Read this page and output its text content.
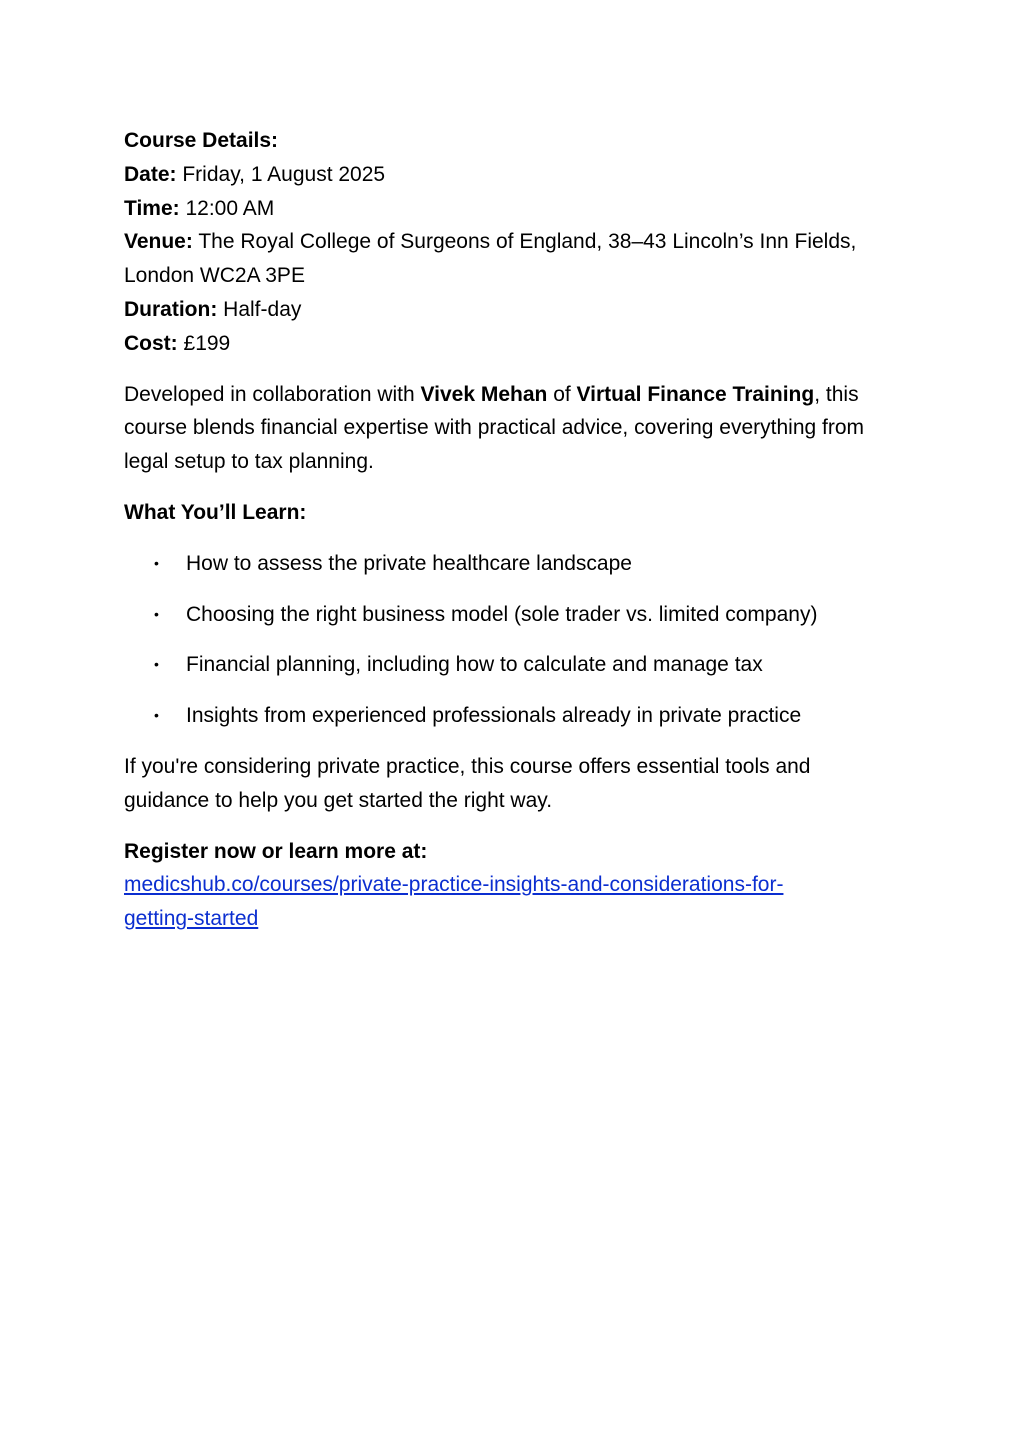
Course Details:
Date: Friday, 1 August 2025
Time: 12:00 AM
Venue: The Royal College of Surgeons of England, 38–43 Lincoln’s Inn Fields, London WC2A 3PE
Duration: Half-day
Cost: £199

Developed in collaboration with Vivek Mehan of Virtual Finance Training, this course blends financial expertise with practical advice, covering everything from legal setup to tax planning.

What You’ll Learn:

• How to assess the private healthcare landscape
• Choosing the right business model (sole trader vs. limited company)
• Financial planning, including how to calculate and manage tax
• Insights from experienced professionals already in private practice

If you're considering private practice, this course offers essential tools and guidance to help you get started the right way.

Register now or learn more at:
medicshub.co/courses/private-practice-insights-and-considerations-for-getting-started
